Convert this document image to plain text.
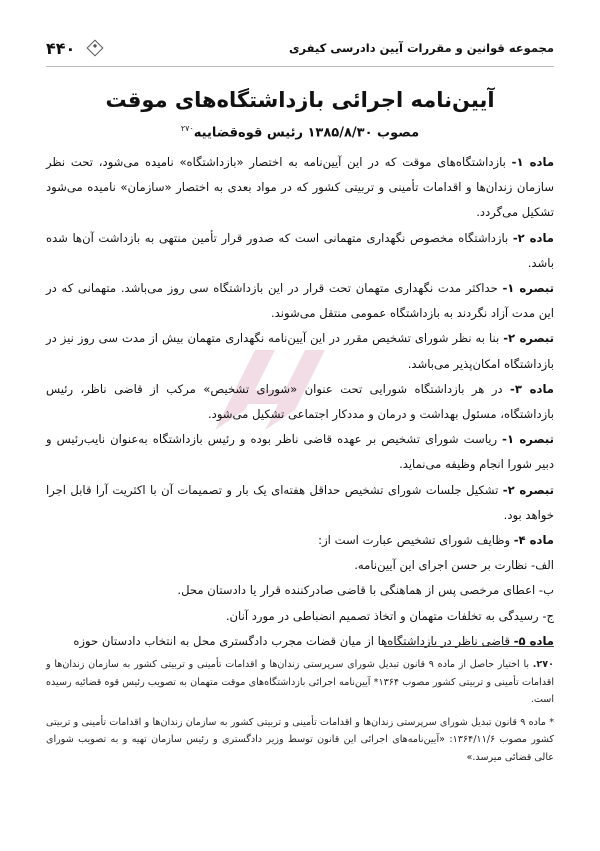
۴۴۰	مجموعه قوانین و مقررات آیین دادرسی کیفری
آیین‌نامه اجرائی بازداشتگاه‌های موقت
مصوب ۱۳۸۵/۸/۳۰ رئیس قوه‌قضاییه$^{۲۷۰}$

ماده ۱- بازداشتگاه‌های موقت که در این آیین‌نامه به اختصار «بازداشتگاه» نامیده می‌شود، تحت نظر سازمان زندان‌ها و اقدامات تأمینی و تربیتی کشور که در مواد بعدی به اختصار «سازمان» نامیده می‌شود تشکیل می‌گردد.

ماده ۲- بازداشتگاه مخصوص نگهداری متهمانی است که صدور قرار تأمین منتهی به بازداشت آن‌ها شده باشد.

تبصره ۱- حداکثر مدت نگهداری متهمان تحت قرار در این بازداشتگاه سی روز می‌باشد. متهمانی که در این مدت آزاد نگردند به بازداشتگاه عمومی منتقل می‌شوند.

تبصره ۲- بنا به نظر شورای تشخیص مقرر در این آیین‌نامه نگهداری متهمان بیش از مدت سی روز نیز در بازداشتگاه امکان‌پذیر می‌باشد.

ماده ۳- در هر بازداشتگاه شورایی تحت عنوان «شورای تشخیص» مرکب از قاضی ناظر، رئیس بازداشتگاه، مسئول بهداشت و درمان و مددکار اجتماعی تشکیل می‌شود.

تبصره ۱- ریاست شورای تشخیص بر عهده قاضی ناظر بوده و رئیس بازداشتگاه به‌عنوان نایب‌رئیس و دبیر شورا انجام وظیفه می‌نماید.

تبصره ۲- تشکیل جلسات شورای تشخیص حداقل هفته‌ای یک بار و تصمیمات آن با اکثریت آرا قابل اجرا خواهد بود.

ماده ۴- وظایف شورای تشخیص عبارت است از:

الف- نظارت بر حسن اجرای این آیین‌نامه.

ب- اعطای مرخصی پس از هماهنگی با قاضی صادرکننده قرار یا دادستان محل.

ج- رسیدگی به تخلفات متهمان و اتخاذ تصمیم انضباطی در مورد آنان.

ماده ۵- قاضی ناظر در بازداشتگاه‌ها از میان قضات مجرب دادگستری محل به انتخاب دادستان حوزه

۲۷۰. با اختیار حاصل از ماده ۹ قانون تبدیل شورای سرپرستی زندان‌ها و اقدامات تأمینی و تربیتی کشور به سازمان زندان‌ها و اقدامات تأمینی و تربیتی کشور مصوب ۱۳۶۴* آیین‌نامه اجرائی بازداشتگاه‌های موقت متهمان به تصویب رئیس قوه قضائیه رسیده است.

* ماده ۹ قانون تبدیل شورای سرپرستی زندان‌ها و اقدامات تأمینی و تربیتی کشور به سازمان زندان‌ها و اقدامات تأمینی و تربیتی کشور مصوب ۱۳۶۴/۱۱/۶: «آیین‌نامه‌های اجرائی این قانون توسط وزیر دادگستری و رئیس سازمان تهیه و به تصویب شورای عالی قضائی میرسد.»
